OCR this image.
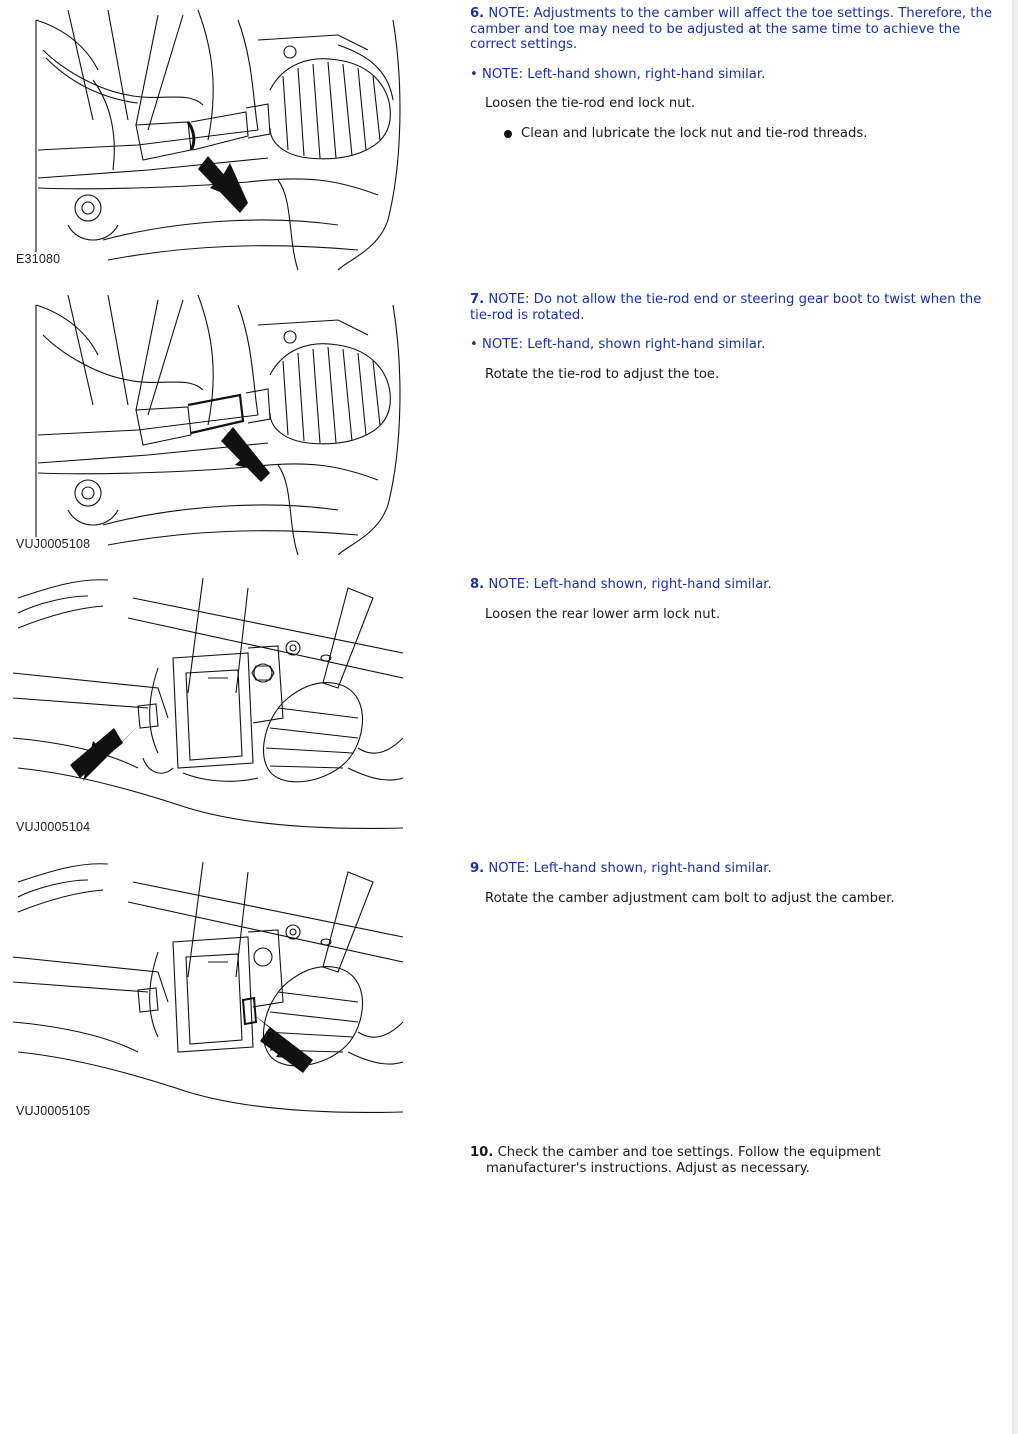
E31080
VUJ0005108
VUJ0005104
VUJ0005105
6. NOTE: Adjustments to the camber will affect the toe settings. Therefore, the camber and toe may need to be adjusted at the same time to achieve the correct settings.
• NOTE: Left-hand shown, right-hand similar.
Loosen the tie-rod end lock nut.
Clean and lubricate the lock nut and tie-rod threads.
7. NOTE: Do not allow the tie-rod end or steering gear boot to twist when the tie-rod is rotated.
• NOTE: Left-hand, shown right-hand similar.
Rotate the tie-rod to adjust the toe.
8. NOTE: Left-hand shown, right-hand similar.
Loosen the rear lower arm lock nut.
9. NOTE: Left-hand shown, right-hand similar.
Rotate the camber adjustment cam bolt to adjust the camber.
10. Check the camber and toe settings. Follow the equipment
manufacturer's instructions. Adjust as necessary.
